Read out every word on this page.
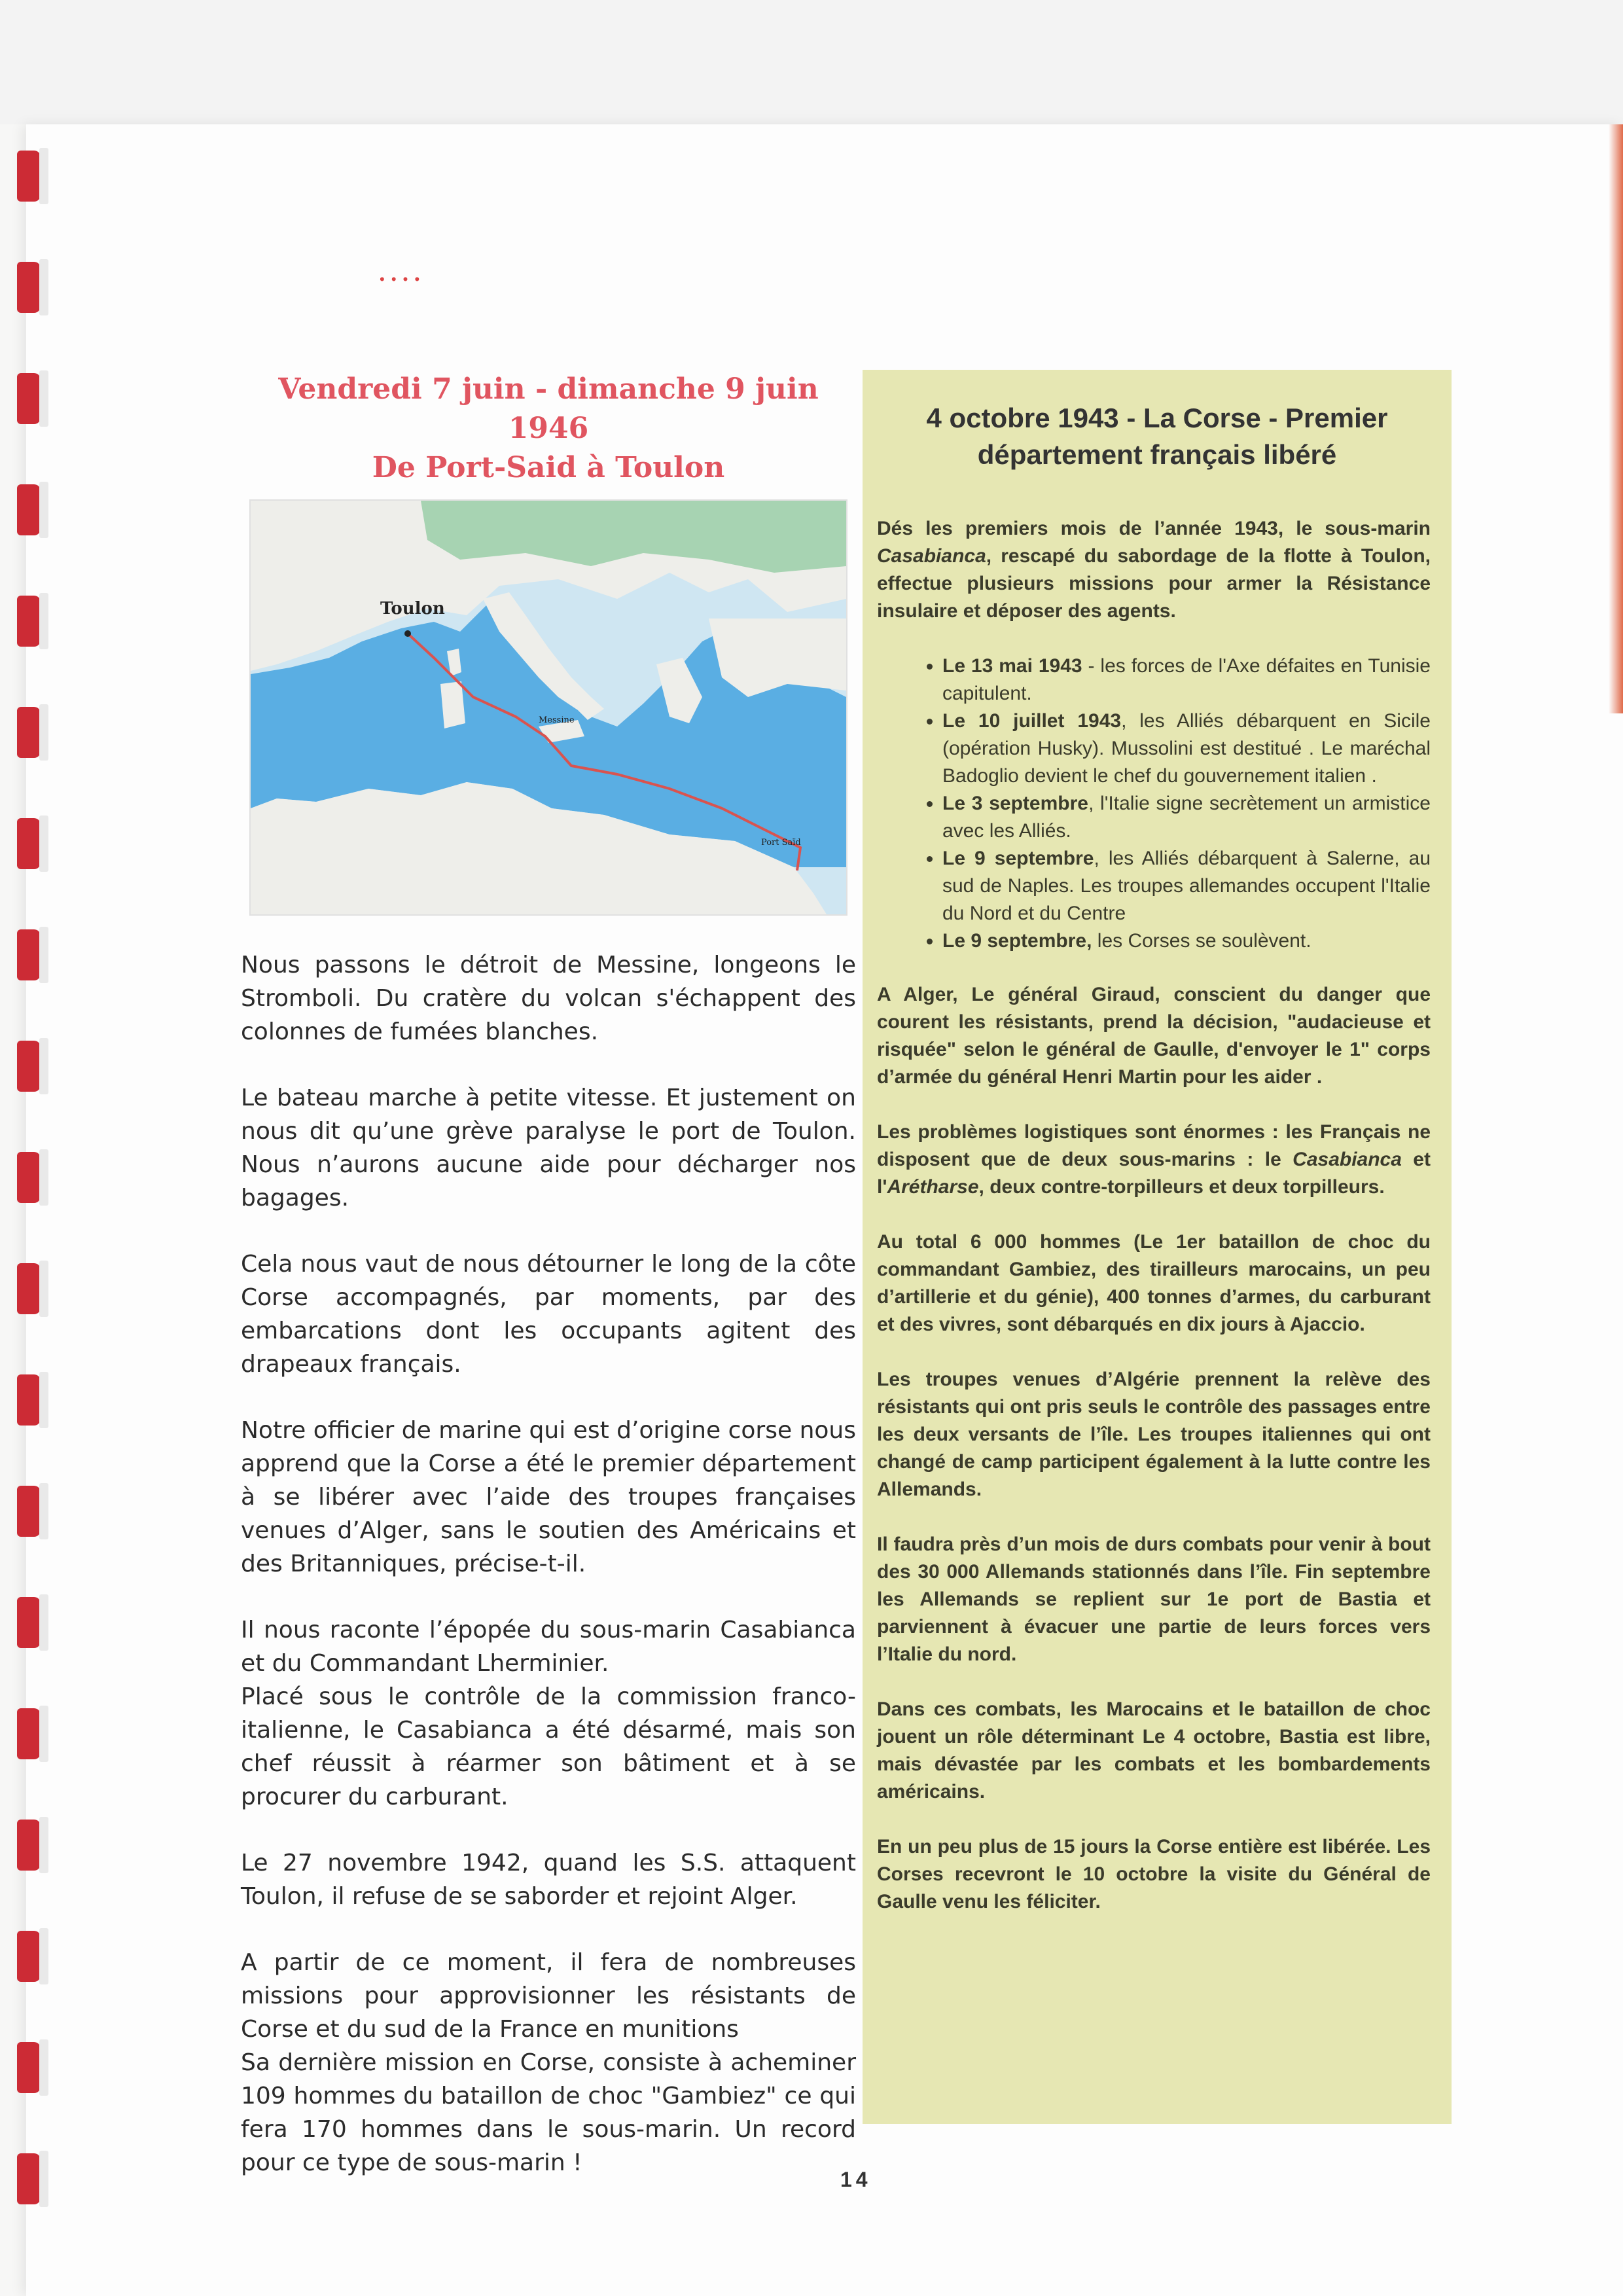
• • • •
Vendredi 7 juin - dimanche 9 juin 1946
De Port-Said à Toulon
Toulon
Messine
Port Saïd

Nous passons le détroit de Messine, longeons le Stromboli. Du cratère du volcan s'échappent des colonnes de fumées blanches.

Le bateau marche à petite vitesse. Et justement on nous dit qu’une grève paralyse le port de Toulon. Nous n’aurons aucune aide pour décharger nos bagages.

Cela nous vaut de nous détourner le long de la côte Corse accompagnés, par moments, par des embarcations dont les occupants agitent des drapeaux français.

Notre officier de marine qui est d’origine corse nous apprend que la Corse a été le premier département à se libérer avec l’aide des troupes françaises venues d’Alger, sans le soutien des Américains et des Britanniques, précise-t-il.

Il nous raconte l’épopée du sous-marin Casabianca et du Commandant Lherminier.

Placé sous le contrôle de la commission franco-italienne, le Casabianca a été désarmé, mais son chef réussit à réarmer son bâtiment et à se procurer du carburant.

Le 27 novembre 1942, quand les S.S. attaquent Toulon, il refuse de se saborder et rejoint Alger.

A partir de ce moment, il fera de nombreuses missions pour approvisionner les résistants de Corse et du sud de la France en munitions

Sa dernière mission en Corse, consiste à acheminer 109 hommes du bataillon de choc "Gambiez" ce qui fera 170 hommes dans le sous-marin. Un record pour ce type de sous-marin !

4 octobre 1943 - La Corse - Premier
département français libéré

Dés les premiers mois de l’année 1943, le sous-marin Casabianca, rescapé du sabordage de la flotte à Toulon, effectue plusieurs missions pour armer la Résistance insulaire et déposer des agents.

• Le 13 mai 1943 - les forces de l'Axe défaites en Tunisie capitulent.
• Le 10 juillet 1943, les Alliés débarquent en Sicile (opération Husky). Mussolini est destitué . Le maréchal Badoglio devient le chef du gouvernement italien .
• Le 3 septembre, l'Italie signe secrètement un armistice avec les Alliés.
• Le 9 septembre, les Alliés débarquent à Salerne, au sud de Naples. Les troupes allemandes occupent l'Italie du Nord et du Centre
• Le 9 septembre, les Corses se soulèvent.

A Alger, Le général Giraud, conscient du danger que courent les résistants, prend la décision, "audacieuse et risquée" selon le général de Gaulle, d'envoyer le 1" corps d’armée du général Henri Martin pour les aider .

Les problèmes logistiques sont énormes : les Français ne disposent que de deux sous-marins : le Casabianca et l'Arétharse, deux contre-torpilleurs et deux torpilleurs.

Au total 6 000 hommes (Le 1er bataillon de choc du commandant Gambiez, des tirailleurs marocains, un peu d’artillerie et du génie), 400 tonnes d’armes, du carburant et des vivres, sont débarqués en dix jours à Ajaccio.

Les troupes venues d’Algérie prennent la relève des résistants qui ont pris seuls le contrôle des passages entre les deux versants de l’île. Les troupes italiennes qui ont changé de camp participent également à la lutte contre les Allemands.

Il faudra près d’un mois de durs combats pour venir à bout des 30 000 Allemands stationnés dans l’île. Fin septembre les Allemands se replient sur 1e port de Bastia et parviennent à évacuer une partie de leurs forces vers l’Italie du nord.

Dans ces combats, les Marocains et le bataillon de choc jouent un rôle déterminant Le 4 octobre, Bastia est libre, mais dévastée par les combats et les bombardements américains.

En un peu plus de 15 jours la Corse entière est libérée. Les Corses recevront le 10 octobre la visite du Général de Gaulle venu les féliciter.

14
